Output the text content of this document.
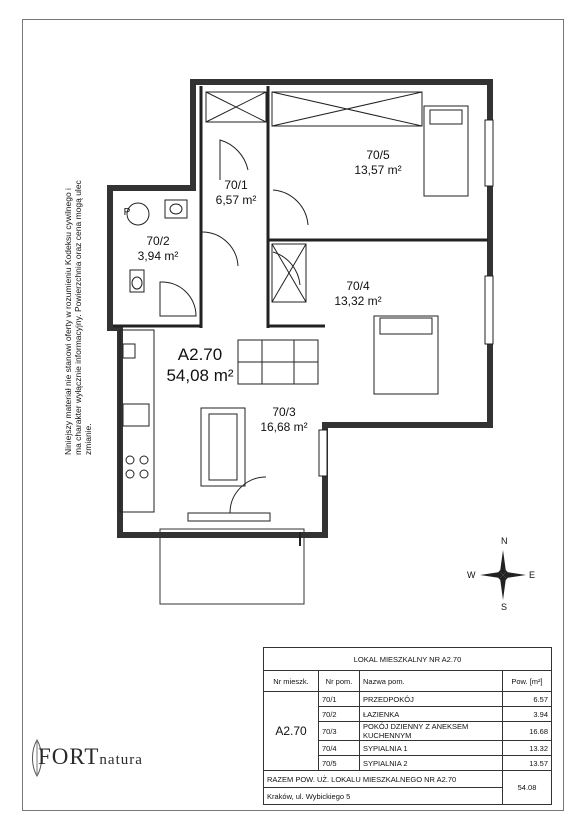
Niniejszy materiał nie stanowi oferty w rozumieniu Kodeksu cywilnego i ma charakter wyłącznie informacyjny. Powierzchnia oraz cena mogą ulec zmianie.
70/1
6,57 m²
70/2
3,94 m²
70/3
16,68 m²
70/4
13,32 m²
70/5
13,57 m²
A2.70
54,08 m²
P
N
S
E
W
LOKAL MIESZKALNY NR A2.70			
Nr mieszk.	Nr pom.	Nazwa pom.	Pow. [m²]
A2.70	70/1	PRZEDPOKÓJ	6.57
	70/2	ŁAZIENKA	3.94
	70/3	POKÓJ DZIENNY Z ANEKSEM KUCHENNYM	16.68
	70/4	SYPIALNIA 1	13.32
	70/5	SYPIALNIA 2	13.57
RAZEM POW. UŻ. LOKALU MIESZKALNEGO NR A2.70			54.08
Kraków, ul. Wybickiego 5			
FORTnatura
